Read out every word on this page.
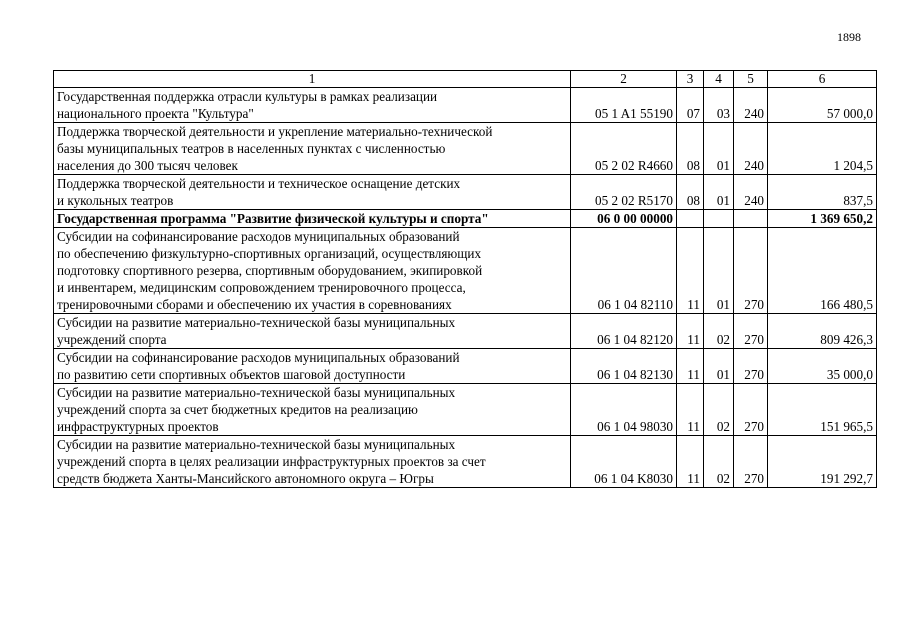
1898
1	2	3	4	5	6

Государственная поддержка отрасли культуры в рамках реализации
национального проекта "Культура"	05 1 A1 55190	07	03	240	57 000,0

Поддержка творческой деятельности и укрепление материально-технической
базы муниципальных театров в населенных пунктах с численностью
населения до 300 тысяч человек	05 2 02 R4660	08	01	240	1 204,5

Поддержка творческой деятельности и техническое оснащение детских
и кукольных театров	05 2 02 R5170	08	01	240	837,5

Государственная программа "Развитие физической культуры и спорта"	06 0 00 00000				1 369 650,2

Субсидии на софинансирование расходов муниципальных образований
по обеспечению физкультурно-спортивных организаций, осуществляющих
подготовку спортивного резерва, спортивным оборудованием, экипировкой
и инвентарем, медицинским сопровождением тренировочного процесса,
тренировочными сборами и обеспечению их участия в соревнованиях	06 1 04 82110	11	01	270	166 480,5

Субсидии на развитие материально-технической базы муниципальных
учреждений спорта	06 1 04 82120	11	02	270	809 426,3

Субсидии на софинансирование расходов муниципальных образований
по развитию сети спортивных объектов шаговой доступности	06 1 04 82130	11	01	270	35 000,0

Субсидии на развитие материально-технической базы муниципальных
учреждений спорта за счет бюджетных кредитов на реализацию
инфраструктурных проектов	06 1 04 98030	11	02	270	151 965,5

Субсидии на развитие материально-технической базы муниципальных
учреждений спорта в целях реализации инфраструктурных проектов за счет
средств бюджета Ханты-Мансийского автономного округа – Югры	06 1 04 K8030	11	02	270	191 292,7
